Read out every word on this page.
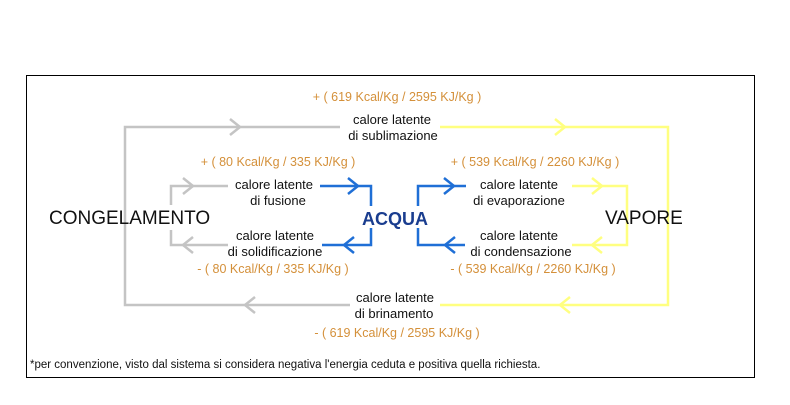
CONGELAMENTO	ACQUA	VAPORE
+ ( 619 Kcal/Kg / 2595 KJ/Kg )
calore latente
di sublimazione
+ ( 80 Kcal/Kg / 335 KJ/Kg )
calore latente
di fusione
calore latente
di solidificazione
- ( 80 Kcal/Kg / 335 KJ/Kg )
+ ( 539 Kcal/Kg / 2260 KJ/Kg )
calore latente
di evaporazione
calore latente
di condensazione
- ( 539 Kcal/Kg / 2260 KJ/Kg )
calore latente
di brinamento
- ( 619 Kcal/Kg / 2595 KJ/Kg )
*per convenzione, visto dal sistema si considera negativa l'energia ceduta e positiva quella richiesta.
